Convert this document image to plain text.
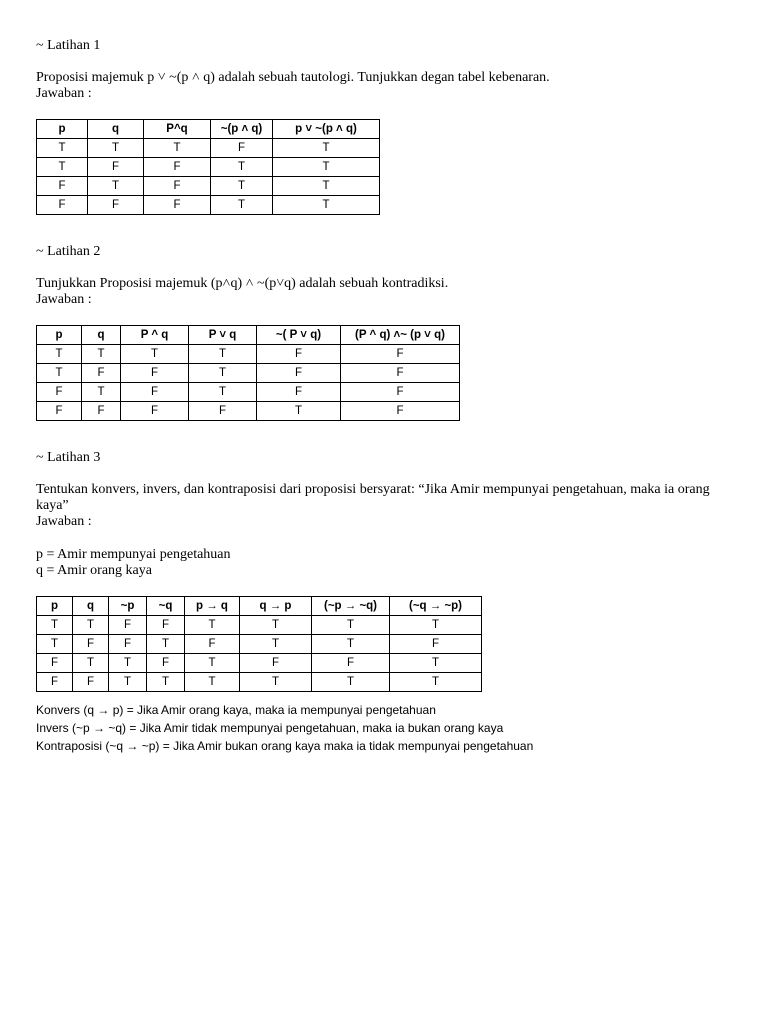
~ Latihan 1
Proposisi majemuk p ˅ ~(p ˄ q) adalah sebuah tautologi. Tunjukkan degan tabel kebenaran.
Jawaban :
p	q	P^q	~(p ˄ q)	p ˅ ~(p ˄ q)
T	T	T	F	T
T	F	F	T	T
F	T	F	T	T
F	F	F	T	T
~ Latihan 2
Tunjukkan Proposisi majemuk (p˄q) ˄ ~(p˅q) adalah sebuah kontradiksi.
Jawaban :
p	q	P ^ q	P ˅ q	~( P ˅ q)	(P ^ q) ˄~ (p ˅ q)
T	T	T	T	F	F
T	F	F	T	F	F
F	T	F	T	F	F
F	F	F	F	T	F
~ Latihan 3
Tentukan konvers, invers, dan kontraposisi dari proposisi bersyarat: “Jika Amir mempunyai pengetahuan, maka ia orang
kaya”
Jawaban :
p = Amir mempunyai pengetahuan
q = Amir orang kaya
p	q	~p	~q	p → q	q → p	(~p → ~q)	(~q → ~p)
T	T	F	F	T	T	T	T
T	F	F	T	F	T	T	F
F	T	T	F	T	F	F	T
F	F	T	T	T	T	T	T
Konvers (q → p) = Jika Amir orang kaya, maka ia mempunyai pengetahuan
Invers (~p → ~q) = Jika Amir tidak mempunyai pengetahuan, maka ia bukan orang kaya
Kontraposisi (~q → ~p) = Jika Amir bukan orang kaya maka ia tidak mempunyai pengetahuan
